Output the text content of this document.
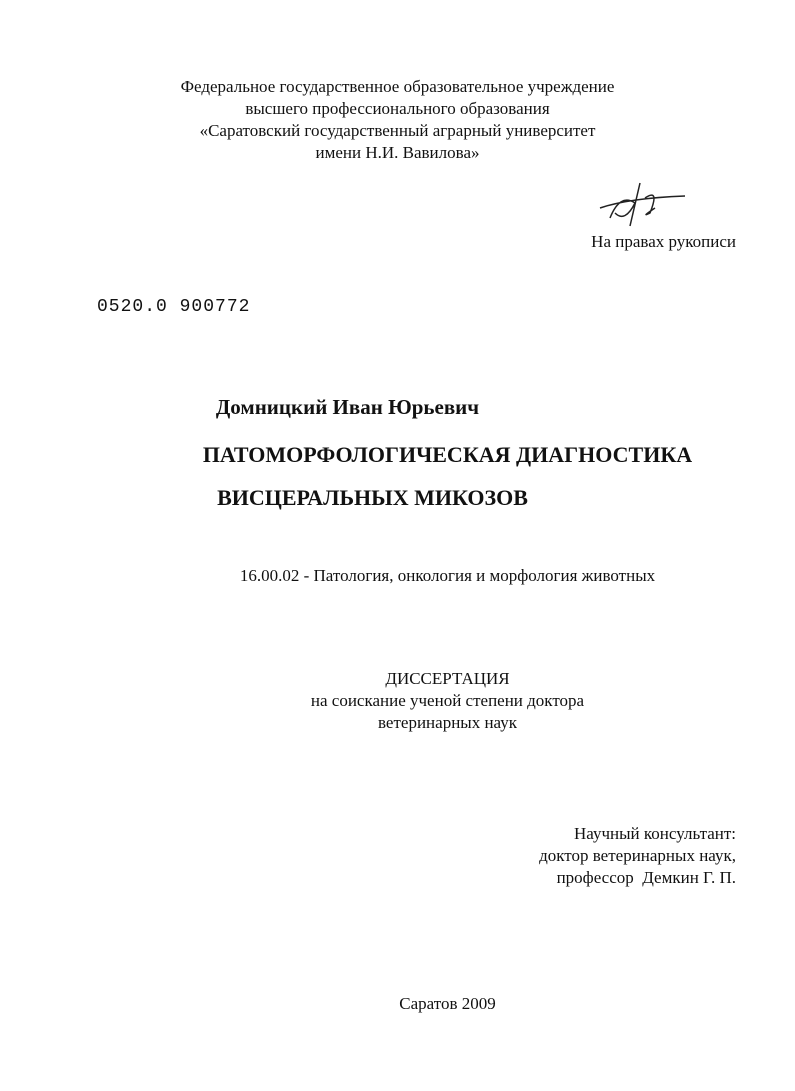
Федеральное государственное образовательное учреждение
высшего профессионального образования
«Саратовский государственный аграрный университет
имени Н.И. Вавилова»
На правах рукописи
0520.0 900772
Домницкий Иван Юрьевич
ПАТОМОРФОЛОГИЧЕСКАЯ ДИАГНОСТИКА
ВИСЦЕРАЛЬНЫХ МИКОЗОВ
16.00.02 - Патология, онкология и морфология животных
ДИССЕРТАЦИЯ
на соискание ученой степени доктора
ветеринарных наук
Научный консультант:
доктор ветеринарных наук,
профессор  Демкин Г. П.
Саратов 2009
